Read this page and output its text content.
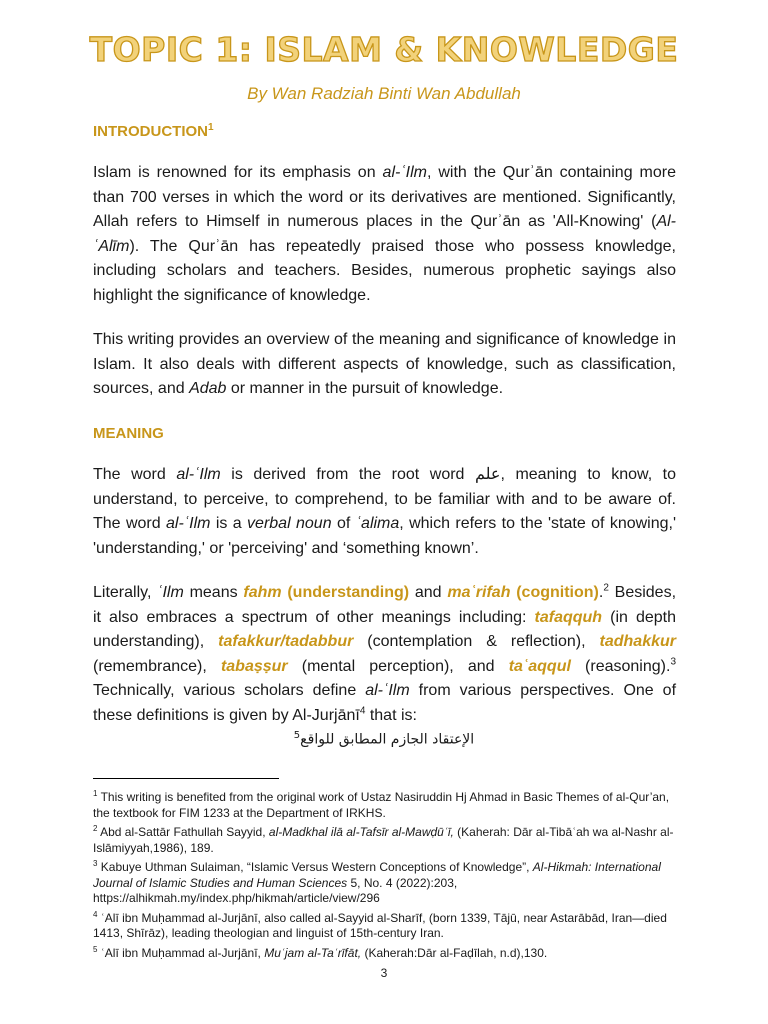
TOPIC 1: ISLAM & KNOWLEDGE
By Wan Radziah Binti Wan Abdullah
INTRODUCTION$^1$

Islam is renowned for its emphasis on al-ʿIlm, with the Qurʾān containing more than 700 verses in which the word or its derivatives are mentioned. Significantly, Allah refers to Himself in numerous places in the Qurʾān as 'All-Knowing' (Al-ʿAlīm). The Qurʾān has repeatedly praised those who possess knowledge, including scholars and teachers. Besides, numerous prophetic sayings also highlight the significance of knowledge.

This writing provides an overview of the meaning and significance of knowledge in Islam. It also deals with different aspects of knowledge, such as classification, sources, and Adab or manner in the pursuit of knowledge.

MEANING

The word al-ʿIlm is derived from the root word علم, meaning to know, to understand, to perceive, to comprehend, to be familiar with and to be aware of. The word al-ʿIlm is a verbal noun of ʿalima, which refers to the 'state of knowing,' 'understanding,' or 'perceiving' and ‘something known’.

Literally, ʿIlm means fahm (understanding) and maʿrifah (cognition).$^2$ Besides, it also embraces a spectrum of other meanings including: tafaqquh (in depth understanding), tafakkur/tadabbur (contemplation & reflection), tadhakkur (remembrance), tabaṣṣur (mental perception), and taʿaqqul (reasoning).$^3$ Technically, various scholars define al-ʿIlm from various perspectives. One of these definitions is given by Al-Jurjānī$^4$ that is:

$^5$الإعتقاد الجازم المطابق للواقع

$^1$ This writing is benefited from the original work of Ustaz Nasiruddin Hj Ahmad in Basic Themes of al-Qur’an, the textbook for FIM 1233 at the Department of IRKHS.

$^2$ Abd al-Sattār Fathullah Sayyid, al-Madkhal ilā al-Tafsīr al-Mawḍūʿī, (Kaherah: Dār al-Tibāʿah wa al-Nashr al-Islāmiyyah,1986), 189.

$^3$ Kabuye Uthman Sulaiman, “Islamic Versus Western Conceptions of Knowledge”, Al-Hikmah: International Journal of Islamic Studies and Human Sciences 5, No. 4 (2022):203, https://alhikmah.my/index.php/hikmah/article/view/296

$^4$ ʿAlī ibn Muḥammad al-Jurjānī, also called al-Sayyid al-Sharīf, (born 1339, Tājū, near Astarābād, Iran—died 1413, Shīrāz), leading theologian and linguist of 15th-century Iran.

$^5$ ʿAlī ibn Muḥammad al-Jurjānī, Muʿjam al-Taʿrīfāt, (Kaherah:Dār al-Faḍīlah, n.d),130.

3
